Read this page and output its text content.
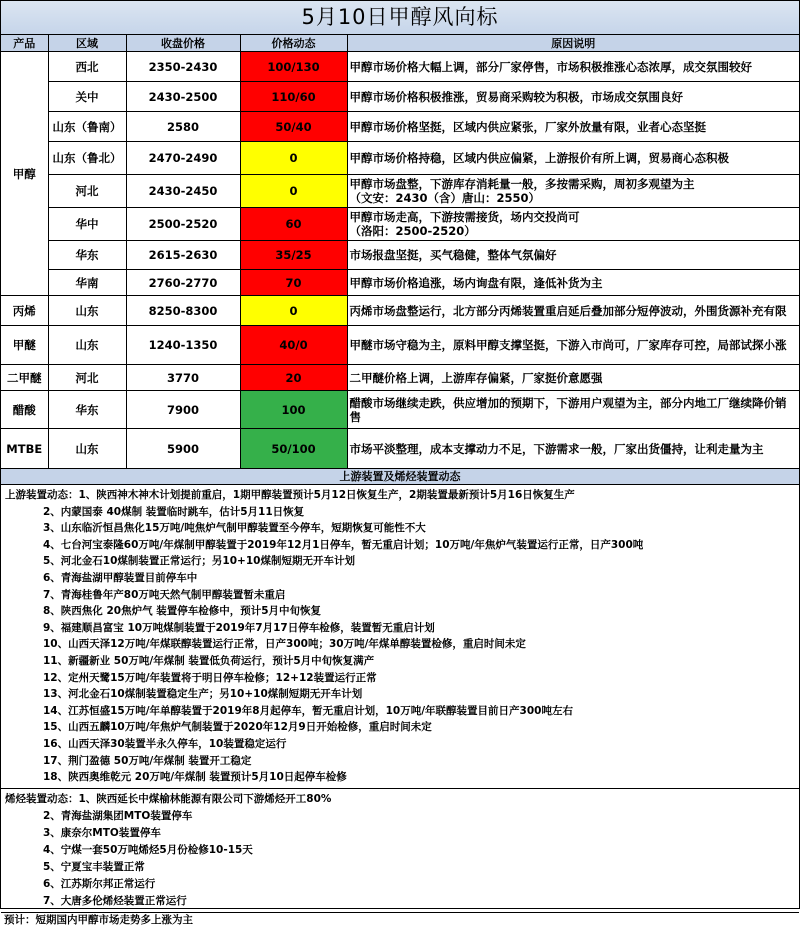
5月10日甲醇风向标
产品	区域	收盘价格	价格动态	原因说明
甲醇	西北	2350-2430	100/130	甲醇市场价格大幅上调，部分厂家停售，市场积极推涨心态浓厚，成交氛围较好

	关中	2430-2500	110/60	甲醇市场价格积极推涨，贸易商采购较为积极，市场成交氛围良好

	山东（鲁南）	2580	50/40	甲醇市场价格坚挺，区域内供应紧张，厂家外放量有限，业者心态坚挺

	山东（鲁北）	2470-2490	0	甲醇市场价格持稳，区域内供应偏紧，上游报价有所上调，贸易商心态积极

	河北	2430-2450	0	甲醇市场盘整，下游库存消耗量一般，多按需采购，周初多观望为主
（文安：2430（含）唐山：2550）

	华中	2500-2520	60	甲醇市场走高，下游按需接货，场内交投尚可
（洛阳：2500-2520）

	华东	2615-2630	35/25	市场报盘坚挺，买气稳健，整体气氛偏好

	华南	2760-2770	70	甲醇市场价格追涨，场内询盘有限，逢低补货为主

丙烯	山东	8250-8300	0	丙烯市场盘整运行，北方部分丙烯装置重启延后叠加部分短停波动，外围货源补充有限
甲醚	山东	1240-1350	40/0	甲醚市场守稳为主，原料甲醇支撑坚挺，下游入市尚可，厂家库存可控，局部试探小涨
二甲醚	河北	3770	20	二甲醚价格上调，上游库存偏紧，厂家挺价意愿强
醋酸	华东	7900	100	醋酸市场继续走跌，供应增加的预期下，下游用户观望为主，部分内地工厂继续降价销售
MTBE	山东	5900	50/100	市场平淡整理，成本支撑动力不足，下游需求一般，厂家出货僵持，让利走量为主
上游装置及烯烃装置动态
上游装置动态：1、陕西神木神木计划提前重启，1期甲醇装置预计5月12日恢复生产，2期装置最新预计5月16日恢复生产
2、内蒙国泰 40煤制 装置临时跳车，估计5月11日恢复
3、山东临沂恒昌焦化15万吨/吨焦炉气制甲醇装置至今停车，短期恢复可能性不大
4、七台河宝泰隆60万吨/年煤制甲醇装置于2019年12月1日停车，暂无重启计划；10万吨/年焦炉气装置运行正常，日产300吨
5、河北金石10煤制装置正常运行；另10+10煤制短期无开车计划
6、青海盐湖甲醇装置目前停车中
7、青海桂鲁年产80万吨天然气制甲醇装置暂未重启
8、陕西焦化 20焦炉气 装置停车检修中，预计5月中旬恢复
9、福建顺昌富宝 10万吨煤制装置于2019年7月17日停车检修，装置暂无重启计划
10、山西天泽12万吨/年煤联醇装置运行正常，日产300吨；30万吨/年煤单醇装置检修，重启时间未定
11、新疆新业 50万吨/年煤制 装置低负荷运行，预计5月中旬恢复满产
12、定州天鹭15万吨/年装置将于明日停车检修；12+12装置运行正常
13、河北金石10煤制装置稳定生产；另10+10煤制短期无开车计划
14、江苏恒盛15万吨/年单醇装置于2019年8月起停车，暂无重启计划，10万吨/年联醇装置目前日产300吨左右
15、山西五麟10万吨/年焦炉气制装置于2020年12月9日开始检修，重启时间未定
16、山西天泽30装置半永久停车，10装置稳定运行
17、荆门盈德 50万吨/年煤制 装置开工稳定
18、陕西奥维乾元 20万吨/年煤制 装置预计5月10日起停车检修
烯烃装置动态：1、陕西延长中煤榆林能源有限公司下游烯烃开工80%
2、青海盐湖集团MTO装置停车
3、康奈尔MTO装置停车
4、宁煤一套50万吨烯烃5月份检修10-15天
5、宁夏宝丰装置正常
6、江苏斯尔邦正常运行
7、大唐多伦烯烃装置正常运行
预计：短期国内甲醇市场走势多上涨为主
